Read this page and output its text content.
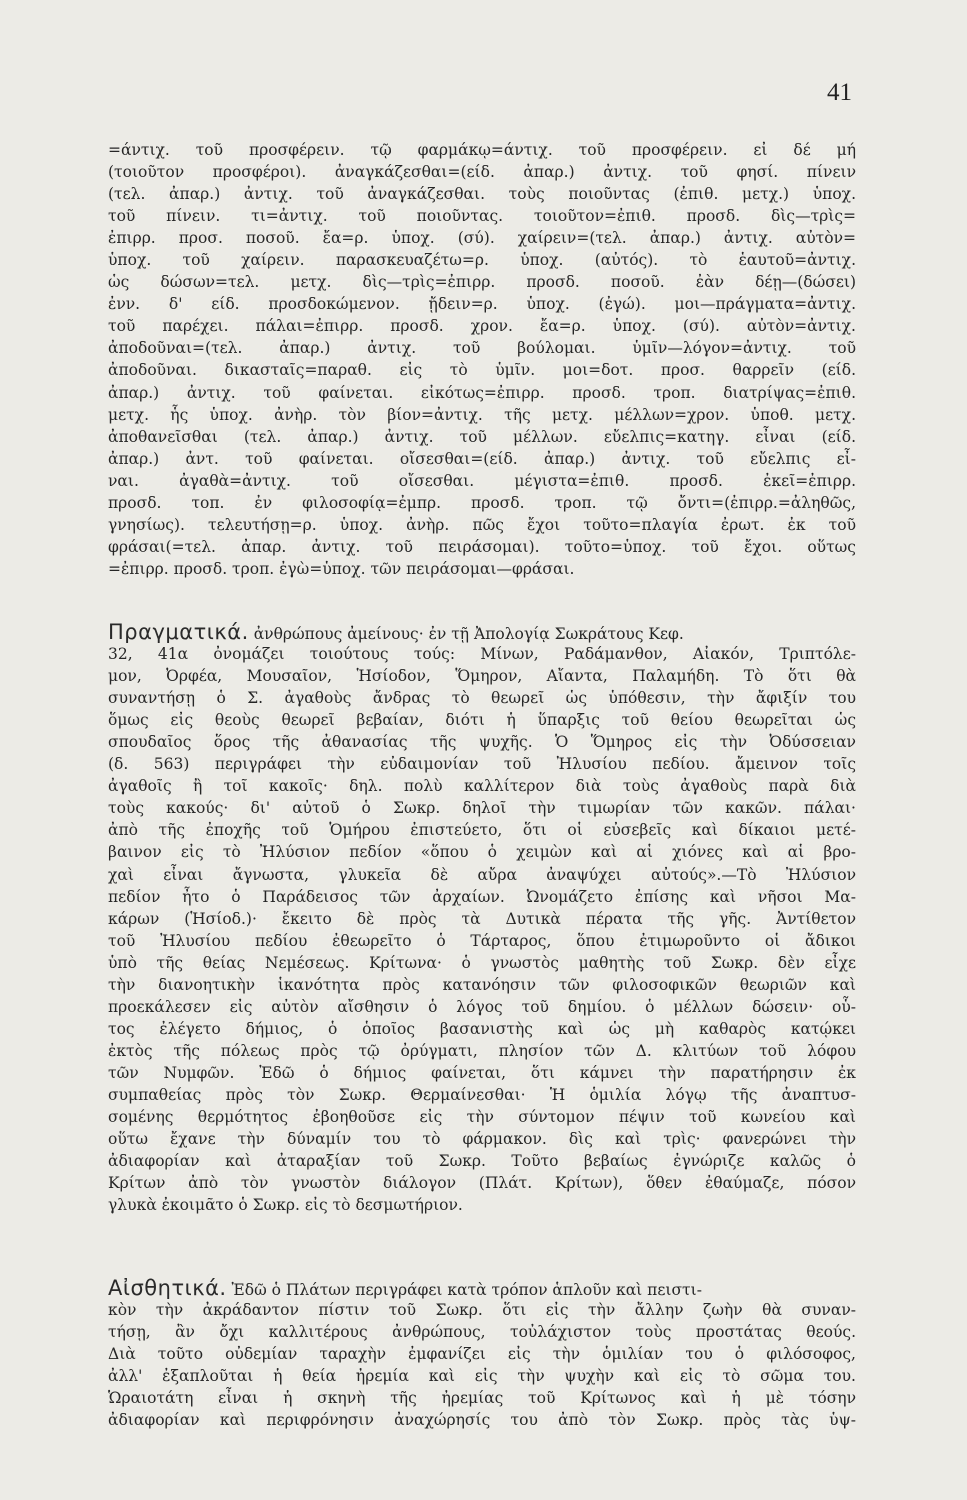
41
=άντιχ. τοῦ προσφέρειν. τῷ φαρμάκῳ=άντιχ. τοῦ προσφέρειν. εἰ δέ μή
(τοιοῦτον προσφέροι). ἀναγκάζεσθαι=(είδ. ἀπαρ.) ἀντιχ. τοῦ φησί. πίνειν
(τελ. ἀπαρ.) ἀντιχ. τοῦ ἀναγκάζεσθαι. τοὺς ποιοῦντας (ἐπιθ. μετχ.) ὑποχ.
τοῦ πίνειν. τι=ἀντιχ. τοῦ ποιοῦντας. τοιοῦτον=ἐπιθ. προσδ. δὶς—τρὶς=
ἐπιρρ. προσ. ποσοῦ. ἔα=ρ. ὑποχ. (σύ). χαίρειν=(τελ. ἀπαρ.) ἀντιχ. αὐτὸν=
ὑποχ. τοῦ χαίρειν. παρασκευαζέτω=ρ. ὑποχ. (αὐτός). τὸ ἑαυτοῦ=ἀντιχ.
ὡς δώσων=τελ. μετχ. δὶς—τρὶς=ἐπιρρ. προσδ. ποσοῦ. ἐὰν δέῃ—(δώσει)
ἐνν. δ' είδ. προσδοκώμενον. ᾔδειν=ρ. ὑποχ. (ἐγώ). μοι—πράγματα=ἀντιχ.
τοῦ παρέχει. πάλαι=ἐπιρρ. προσδ. χρον. ἔα=ρ. ὑποχ. (σύ). αὐτὸν=ἀντιχ.
ἀποδοῦναι=(τελ. ἀπαρ.) ἀντιχ. τοῦ βούλομαι. ὑμῖν—λόγον=ἀντιχ. τοῦ
ἀποδοῦναι. δικασταῖς=παραθ. εἰς τὸ ὑμῖν. μοι=δοτ. προσ. θαρρεῖν (είδ.
ἀπαρ.) ἀντιχ. τοῦ φαίνεται. εἰκότως=ἐπιρρ. προσδ. τροπ. διατρίψας=ἐπιθ.
μετχ. ἧς ὑποχ. ἀνὴρ. τὸν βίον=ἀντιχ. τῆς μετχ. μέλλων=χρον. ὑποθ. μετχ.
ἀποθανεῖσθαι (τελ. ἀπαρ.) ἀντιχ. τοῦ μέλλων. εὔελπις=κατηγ. εἶναι (είδ.
ἀπαρ.) ἀντ. τοῦ φαίνεται. οἴσεσθαι=(είδ. ἀπαρ.) ἀντιχ. τοῦ εὔελπις εἶ-
ναι. ἀγαθὰ=ἀντιχ. τοῦ οἴσεσθαι. μέγιστα=ἐπιθ. προσδ. ἐκεῖ=ἐπιρρ.
προσδ. τοπ. ἐν φιλοσοφίᾳ=ἐμπρ. προσδ. τροπ. τῷ ὄντι=(ἐπιρρ.=ἀληθῶς,
γνησίως). τελευτήσῃ=ρ. ὑποχ. ἀνὴρ. πῶς ἔχοι τοῦτο=πλαγία ἐρωτ. ἐκ τοῦ
φράσαι(=τελ. ἀπαρ. ἀντιχ. τοῦ πειράσομαι). τοῦτο=ὑποχ. τοῦ ἔχοι. οὕτως
=ἐπιρρ. προσδ. τροπ. ἐγὼ=ὑποχ. τῶν πειράσομαι—φράσαι.
Πραγματικά. ἀνθρώπους ἀμείνους· ἐν τῇ Ἀπολογίᾳ Σωκράτους Κεφ.
32, 41α ὀνομάζει τοιούτους τούς: Μίνων, Ραδάμανθον, Αἰακόν, Τριπτόλε-
μον, Ὀρφέα, Μουσαῖον, Ἡσίοδον, Ὅμηρον, Αἴαντα, Παλαμήδη. Τὸ ὅτι θὰ
συναντήσῃ ὁ Σ. ἀγαθοὺς ἄνδρας τὸ θεωρεῖ ὡς ὑπόθεσιν, τὴν ἄφιξίν του
ὅμως εἰς θεοὺς θεωρεῖ βεβαίαν, διότι ἡ ὕπαρξις τοῦ θείου θεωρεῖται ὡς
σπουδαῖος ὅρος τῆς ἀθανασίας τῆς ψυχῆς. Ὁ Ὅμηρος εἰς τὴν Ὀδύσσειαν
(δ. 563) περιγράφει τὴν εὐδαιμονίαν τοῦ Ἠλυσίου πεδίου. ἄμεινον τοῖς
ἀγαθοῖς ἢ τοῖ κακοῖς· δηλ. πολὺ καλλίτερον διὰ τοὺς ἀγαθοὺς παρὰ διὰ
τοὺς κακούς· δι' αὐτοῦ ὁ Σωκρ. δηλοῖ τὴν τιμωρίαν τῶν κακῶν. πάλαι·
ἀπὸ τῆς ἐποχῆς τοῦ Ὁμήρου ἐπιστεύετο, ὅτι οἱ εὐσεβεῖς καὶ δίκαιοι μετέ-
βαινον εἰς τὸ Ἠλύσιον πεδίον «ὅπου ὁ χειμὼν καὶ αἱ χιόνες καὶ αἱ βρο-
χαὶ εἶναι ἄγνωστα, γλυκεῖα δὲ αὔρα ἀναψύχει αὐτούς».—Τὸ Ἠλύσιον
πεδίον ἦτο ὁ Παράδεισος τῶν ἀρχαίων. Ὠνομάζετο ἐπίσης καὶ νῆσοι Μα-
κάρων (Ἡσίοδ.)· ἔκειτο δὲ πρὸς τὰ Δυτικὰ πέρατα τῆς γῆς. Ἀντίθετον
τοῦ Ἠλυσίου πεδίου ἐθεωρεῖτο ὁ Τάρταρος, ὅπου ἐτιμωροῦντο οἱ ἄδικοι
ὑπὸ τῆς θείας Νεμέσεως. Κρίτωνα· ὁ γνωστὸς μαθητὴς τοῦ Σωκρ. δὲν εἶχε
τὴν διανοητικὴν ἱκανότητα πρὸς κατανόησιν τῶν φιλοσοφικῶν θεωριῶν καὶ
προεκάλεσεν εἰς αὐτὸν αἴσθησιν ὁ λόγος τοῦ δημίου. ὁ μέλλων δώσειν· οὗ-
τος ἐλέγετο δήμιος, ὁ ὁποῖος βασανιστὴς καὶ ὡς μὴ καθαρὸς κατῴκει
ἐκτὸς τῆς πόλεως πρὸς τῷ ὀρύγματι, πλησίον τῶν Δ. κλιτύων τοῦ λόφου
τῶν Νυμφῶν. Ἐδῶ ὁ δήμιος φαίνεται, ὅτι κάμνει τὴν παρατήρησιν ἐκ
συμπαθείας πρὸς τὸν Σωκρ. Θερμαίνεσθαι· Ἡ ὁμιλία λόγῳ τῆς ἀναπτυσ-
σομένης θερμότητος ἐβοηθοῦσε εἰς τὴν σύντομον πέψιν τοῦ κωνείου καὶ
οὕτω ἔχανε τὴν δύναμίν του τὸ φάρμακον. δὶς καὶ τρὶς· φανερώνει τὴν
ἀδιαφορίαν καὶ ἀταραξίαν τοῦ Σωκρ. Τοῦτο βεβαίως ἐγνώριζε καλῶς ὁ
Κρίτων ἀπὸ τὸν γνωστὸν διάλογον (Πλάτ. Κρίτων), ὅθεν ἐθαύμαζε, πόσον
γλυκὰ ἐκοιμᾶτο ὁ Σωκρ. εἰς τὸ δεσμωτήριον.
Αἰσθητικά. Ἐδῶ ὁ Πλάτων περιγράφει κατὰ τρόπον ἁπλοῦν καὶ πειστι-
κὸν τὴν ἀκράδαντον πίστιν τοῦ Σωκρ. ὅτι εἰς τὴν ἄλλην ζωὴν θὰ συναν-
τήσῃ, ἂν ὄχι καλλιτέρους ἀνθρώπους, τοὐλάχιστον τοὺς προστάτας θεούς.
Διὰ τοῦτο οὐδεμίαν ταραχὴν ἐμφανίζει εἰς τὴν ὁμιλίαν του ὁ φιλόσοφος,
ἀλλ' ἐξαπλοῦται ἡ θεία ἠρεμία καὶ εἰς τὴν ψυχὴν καὶ εἰς τὸ σῶμα του.
Ὡραιοτάτη εἶναι ἡ σκηνὴ τῆς ἠρεμίας τοῦ Κρίτωνος καὶ ἡ μὲ τόσην
ἀδιαφορίαν καὶ περιφρόνησιν ἀναχώρησίς του ἀπὸ τὸν Σωκρ. πρὸς τὰς ὑψ-
